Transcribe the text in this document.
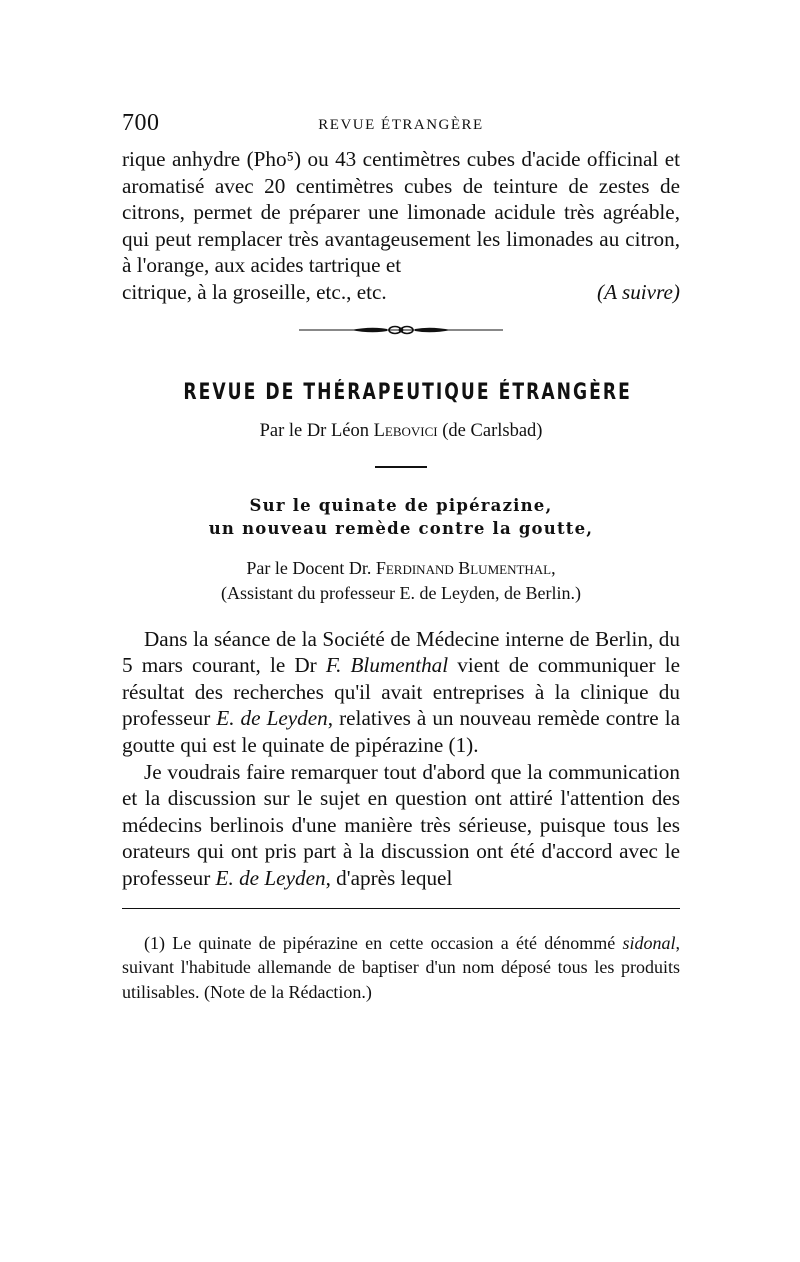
700	REVUE ÉTRANGÈRE

rique anhydre (Pho⁵) ou 43 centimètres cubes d'acide officinal et aromatisé avec 20 centimètres cubes de teinture de zestes de citrons, permet de préparer une limonade acidule très agréable, qui peut remplacer très avantageusement les limonades au citron, à l'orange, aux acides tartrique et

citrique, à la groseille, etc., etc.	(A suivre)
REVUE DE THÉRAPEUTIQUE ÉTRANGÈRE
Par le Dr Léon Lebovici (de Carlsbad)
Sur le quinate de pipérazine,
un nouveau remède contre la goutte,
Par le Docent Dr. Ferdinand Blumenthal,
(Assistant du professeur E. de Leyden, de Berlin.)

Dans la séance de la Société de Médecine interne de Berlin, du 5 mars courant, le Dr F. Blumenthal vient de communiquer le résultat des recherches qu'il avait entreprises à la clinique du professeur E. de Leyden, relatives à un nouveau remède contre la goutte qui est le quinate de pipérazine (1).

Je voudrais faire remarquer tout d'abord que la communication et la discussion sur le sujet en question ont attiré l'attention des médecins berlinois d'une manière très sérieuse, puisque tous les orateurs qui ont pris part à la discussion ont été d'accord avec le professeur E. de Leyden, d'après lequel

(1) Le quinate de pipérazine en cette occasion a été dénommé sidonal, suivant l'habitude allemande de baptiser d'un nom déposé tous les produits utilisables. (Note de la Rédaction.)
